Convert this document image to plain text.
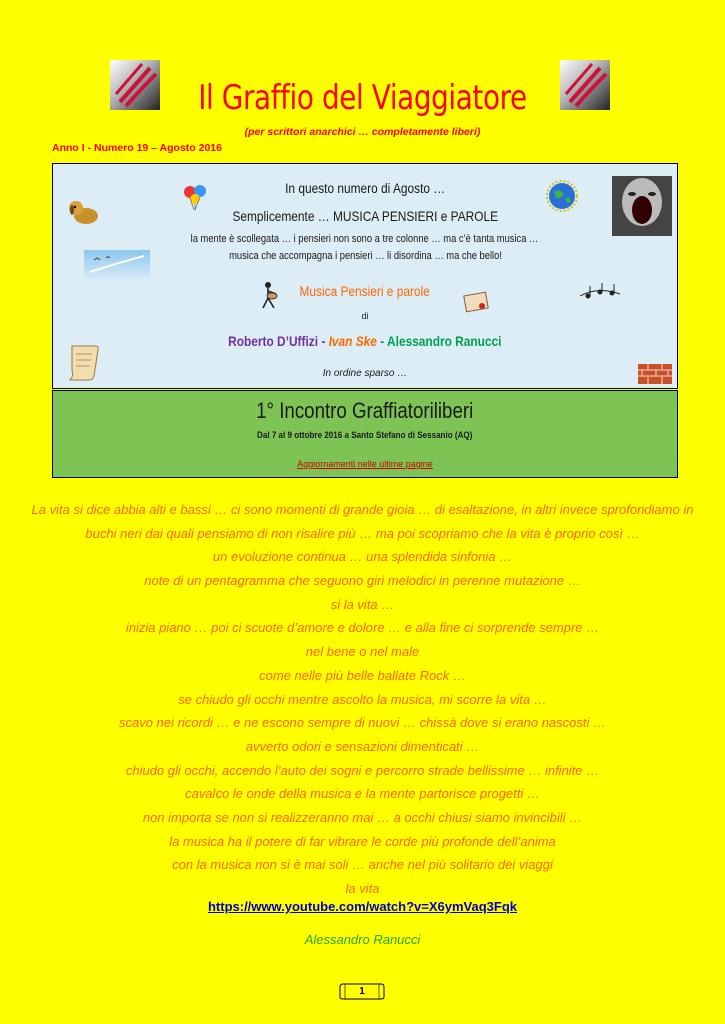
Il Graffio del Viaggiatore
(per scrittori anarchici … completamente liberi)
Anno I - Numero 19 – Agosto 2016
In questo numero di Agosto …
Semplicemente … MUSICA PENSIERI e PAROLE
la mente è scollegata … i pensieri non sono a tre colonne … ma c’è tanta musica …
musica che accompagna i pensieri … li disordina … ma che bello!
Musica Pensieri e parole
di
Roberto D’Uffizi - Ivan Ske - Alessandro Ranucci
In ordine sparso …
1° Incontro Graffiatoriliberi
Dal 7 al 9 ottobre 2016 a Santo Stefano di Sessanio (AQ)
Aggiornamenti nelle ultime pagine
La vita si dice abbia alti e bassi … ci sono momenti di grande gioia … di esaltazione, in altri invece sprofondiamo in
buchi neri dai quali pensiamo di non risalire più … ma poi scopriamo che la vita è proprio così …
un evoluzione continua … una splendida sinfonia …
note di un pentagramma che seguono giri melodici in perenne mutazione …
si la vita …
inizia piano … poi ci scuote d’amore e dolore … e alla fine ci sorprende sempre …
nel bene o nel male
come nelle più belle ballate Rock …
se chiudo gli occhi mentre ascolto la musica, mi scorre la vita …
scavo nei ricordi … e ne escono sempre di nuovi … chissà dove si erano nascosti …
avverto odori e sensazioni dimenticati …
chiudo gli occhi, accendo l’auto dei sogni e percorro strade bellissime … infinite …
cavalco le onde della musica e la mente partorisce progetti …
non importa se non si realizzeranno mai … a occhi chiusi siamo invincibili …
la musica ha il potere di far vibrare le corde più profonde dell’anima
con la musica non si è mai soli … anche nel più solitario dei viaggi
la vita
https://www.youtube.com/watch?v=X6ymVaq3Fqk
Alessandro Ranucci
1
